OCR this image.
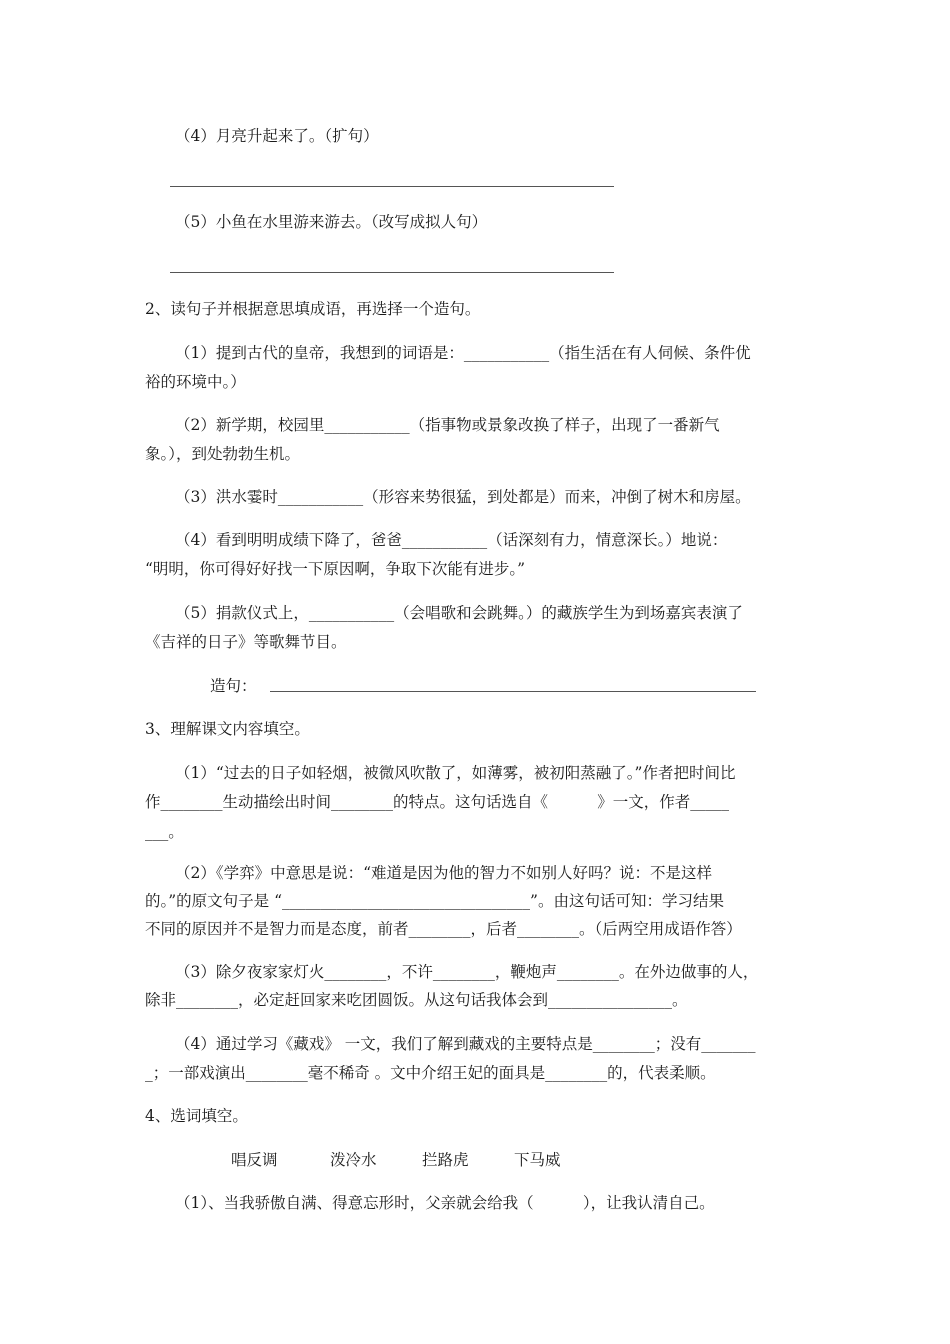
（4）月亮升起来了。（扩句）
（5）小鱼在水里游来游去。（改写成拟人句）
2、读句子并根据意思填成语，再选择一个造句。
（1）提到古代的皇帝，我想到的词语是：___________（指生活在有人伺候、条件优
裕的环境中。）
（2）新学期，校园里___________（指事物或景象改换了样子，出现了一番新气
象。），到处勃勃生机。
（3）洪水霎时___________（形容来势很猛，到处都是）而来，冲倒了树木和房屋。
（4）看到明明成绩下降了，爸爸___________（话深刻有力，情意深长。）地说：
“明明，你可得好好找一下原因啊，争取下次能有进步。”
（5）捐款仪式上，___________（会唱歌和会跳舞。）的藏族学生为到场嘉宾表演了
《吉祥的日子》等歌舞节目。
造句：
3、理解课文内容填空。
（1）“过去的日子如轻烟，被微风吹散了，如薄雾，被初阳蒸融了。”作者把时间比
作________生动描绘出时间________的特点。这句话选自《          》一文，作者_____
___。
（2）《学弈》中意思是说：“难道是因为他的智力不如别人好吗？说：不是这样
的。”的原文句子是 “________________________________”。由这句话可知：学习结果
不同的原因并不是智力而是态度，前者________，后者________。（后两空用成语作答）
（3）除夕夜家家灯火________，不许________，鞭炮声________。在外边做事的人，
除非________，必定赶回家来吃团圆饭。从这句话我体会到________________。
（4）通过学习《藏戏》 一文，我们了解到藏戏的主要特点是________；没有_______
_；一部戏演出________毫不稀奇 。文中介绍王妃的面具是________的，代表柔顺。
4、选词填空。
唱反调	泼冷水	拦路虎	下马威
（1）、当我骄傲自满、得意忘形时，父亲就会给我（          ），让我认清自己。
